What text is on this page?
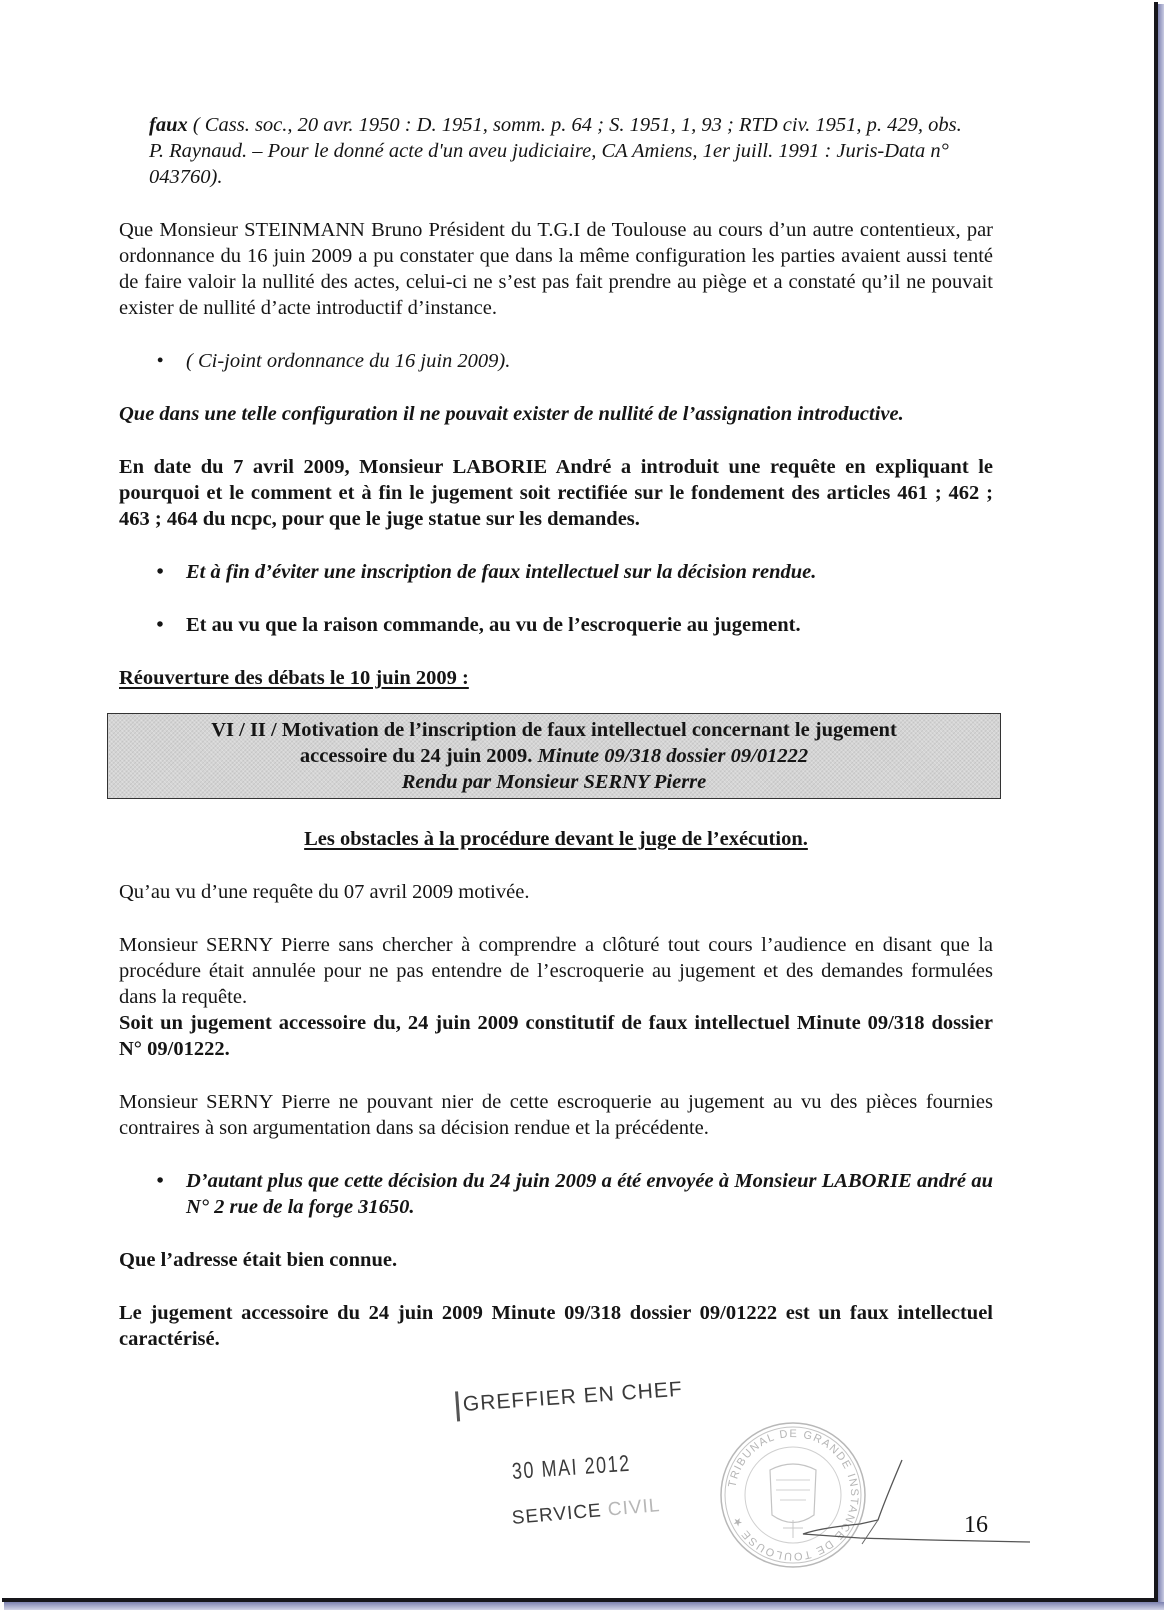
faux ( Cass. soc., 20 avr. 1950 : D. 1951, somm. p. 64 ; S. 1951, 1, 93 ; RTD civ. 1951, p. 429, obs. P. Raynaud. – Pour le donné acte d'un aveu judiciaire, CA Amiens, 1er juill. 1991 : Juris-Data n° 043760).

Que Monsieur STEINMANN Bruno Président du T.G.I de Toulouse au cours d’un autre contentieux, par ordonnance du 16 juin 2009 a pu constater que dans la même configuration les parties avaient aussi tenté de faire valoir la nullité des actes, celui-ci ne s’est pas fait prendre au piège et a constaté qu’il ne pouvait exister de nullité d’acte introductif d’instance.

• ( Ci-joint ordonnance du 16 juin 2009).

Que dans une telle configuration il ne pouvait exister de nullité de l’assignation introductive.

En date du 7 avril 2009, Monsieur LABORIE André a introduit une requête en expliquant le pourquoi et le comment et à fin le jugement soit rectifiée sur le fondement des articles 461 ; 462 ; 463 ; 464 du ncpc, pour que le juge statue sur les demandes.

• Et à fin d’éviter une inscription de faux intellectuel sur la décision rendue.

• Et au vu que la raison commande, au vu de l’escroquerie au jugement.

Réouverture des débats le 10 juin 2009 :

VI / II / Motivation de l’inscription de faux intellectuel concernant le jugement
accessoire du 24 juin 2009. Minute 09/318 dossier 09/01222
Rendu par Monsieur SERNY Pierre

Les obstacles à la procédure devant le juge de l’exécution.

Qu’au vu d’une requête du 07 avril 2009 motivée.

Monsieur SERNY Pierre sans chercher à comprendre a clôturé tout cours l’audience en disant que la procédure était annulée pour ne pas entendre de l’escroquerie au jugement et des demandes formulées dans la requête.

Soit un jugement accessoire du, 24 juin 2009 constitutif de faux intellectuel Minute 09/318 dossier N° 09/01222.

Monsieur SERNY Pierre ne pouvant nier de cette escroquerie au jugement au vu des pièces fournies contraires à son argumentation dans sa décision rendue et la précédente.

• D’autant plus que cette décision du 24 juin 2009 a été envoyée à Monsieur LABORIE andré au N° 2 rue de la forge 31650.

Que l’adresse était bien connue.

Le jugement accessoire du 24 juin 2009 Minute 09/318 dossier 09/01222 est un faux intellectuel caractérisé.

GREFFIER EN CHEF
30 MAI 2012
SERVICE CIVIL
TRIBUNAL DE GRANDE INSTANCE DE TOULOUSE ★	16
